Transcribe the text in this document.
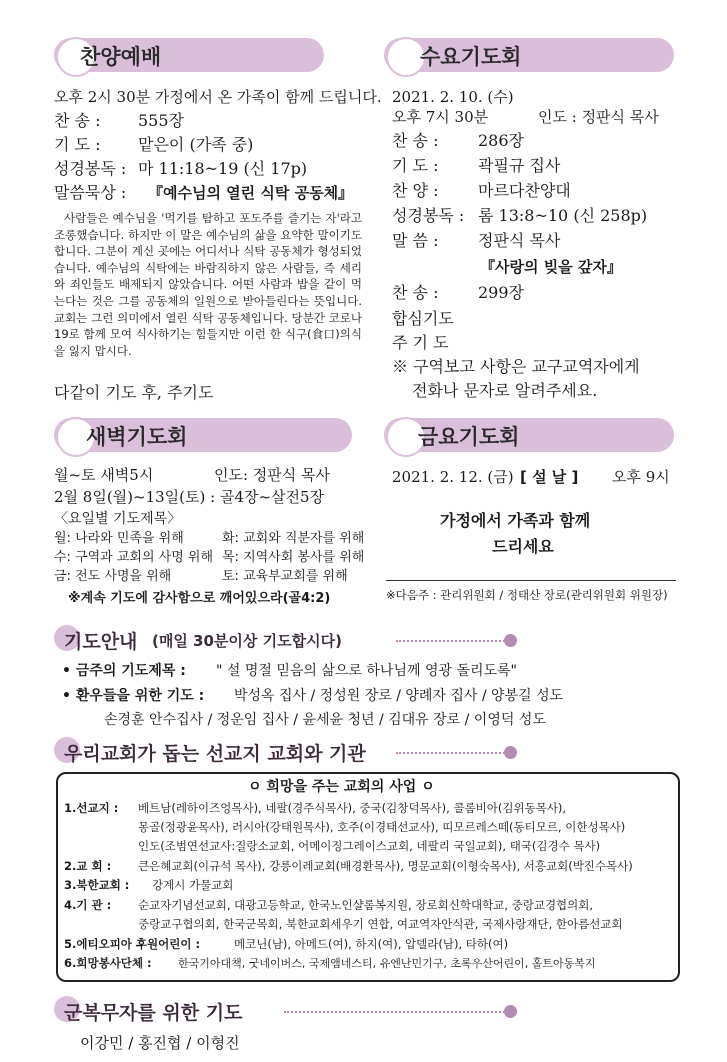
찬양예배
오후 2시 30분 가정에서 온 가족이 함께 드립니다.
찬 송 : 555장
기 도 : 맡은이 (가족 중)
성경봉독 : 마 11:18~19 (신 17p)
말씀묵상 : 『예수님의 열린 식탁 공동체』
사람들은 예수님을 '먹기를 탐하고 포도주를 즐기는 자'라고 조롱했습니다. 하지만 이 말은 예수님의 삶을 요약한 말이기도 합니다. 그분이 계신 곳에는 어디서나 식탁 공동체가 형성되었습니다. 예수님의 식탁에는 바람직하지 않은 사람들, 즉 세리와 죄인들도 배제되지 않았습니다. 어떤 사람과 밥을 같이 먹는다는 것은 그를 공동체의 일원으로 받아들린다는 뜻입니다. 교회는 그런 의미에서 열린 식탁 공동체입니다. 당분간 코로나19로 함께 모여 식사하기는 힘들지만 이런 한 식구(食口)의식을 잃지 맙시다.
다같이 기도 후, 주기도
수요기도회
2021. 2. 10. (수)
오후 7시 30분	인도 : 정판식 목사
찬 송 : 286장
기 도 : 곽필규 집사
찬 양 : 마르다찬양대
성경봉독 : 롬 13:8~10 (신 258p)
말 씀 : 정판식 목사
『사랑의 빚을 갚자』
찬 송 : 299장
합심기도
주 기 도
※ 구역보고 사항은 교구교역자에게
전화나 문자로 알려주세요.
새벽기도회
월~토 새벽5시	인도: 정판식 목사
2월 8일(월)~13일(토) : 골4장~살전5장
〈요일별 기도제목〉
월: 나라와 민족을 위해	화: 교회와 직분자를 위해
수: 구역과 교회의 사명 위해 목: 지역사회 봉사를 위해
금: 전도 사명을 위해	토: 교육부교회를 위해
※계속 기도에 감사함으로 깨어있으라(골4:2)
금요기도회
2021. 2. 12. (금) [ 설 날 ] 오후 9시
가정에서 가족과 함께
드리세요
※다음주 : 관리위원회 / 정태산 장로(관리위원회 위원장)
기도안내 (매일 30분이상 기도합시다)
• 금주의 기도제목 : " 설 명절 믿음의 삶으로 하나님께 영광 돌리도록"
• 환우들을 위한 기도 : 박성옥 집사 / 정성원 장로 / 양례자 집사 / 양봉길 성도
손경훈 안수집사 / 정운임 집사 / 윤세윤 청년 / 김대유 장로 / 이영덕 성도
우리교회가 돕는 선교지 교회와 기관
ㅇ 희망을 주는 교회의 사업 ㅇ
1.선교지 : 베트남(레하이즈엉목사), 네팔(경주식목사), 중국(김창덕목사), 콜롬비아(김위동목사),
몽골(정광윤목사), 러시아(강태원목사), 호주(이경태선교사), 띠모르레스떼(동티모르, 이한성목사)
인도(조범연선교사:질랑소교회, 어메이징그레이스교회, 네팔리 국일교회), 태국(김경수 목사)
2.교 회 : 큰은혜교회(이규석 목사), 강릉이레교회(배경환목사), 명문교회(이형숙목사), 서흥교회(박진수목사)
3.북한교회 : 강계시 가물교회
4.기 관 : 순교자기념선교회, 대광고등학교, 한국노인샬롬복지원, 장로회신학대학교, 중랑교경협의회,
중랑교구협의회, 한국군목회, 북한교회세우기 연합, 여교역자안식관, 국제사랑재단, 한아름선교회
5.에티오피아 후원어린이 :	메코닌(남), 아메드(여), 하지(여), 압델라(남), 타하(여)
6.희망봉사단체 : 한국기아대책, 굿네이버스, 국제앰네스티, 유엔난민기구, 초록우산어린이, 홀트아동복지
군복무자를 위한 기도
이강민 / 홍진협 / 이형진
